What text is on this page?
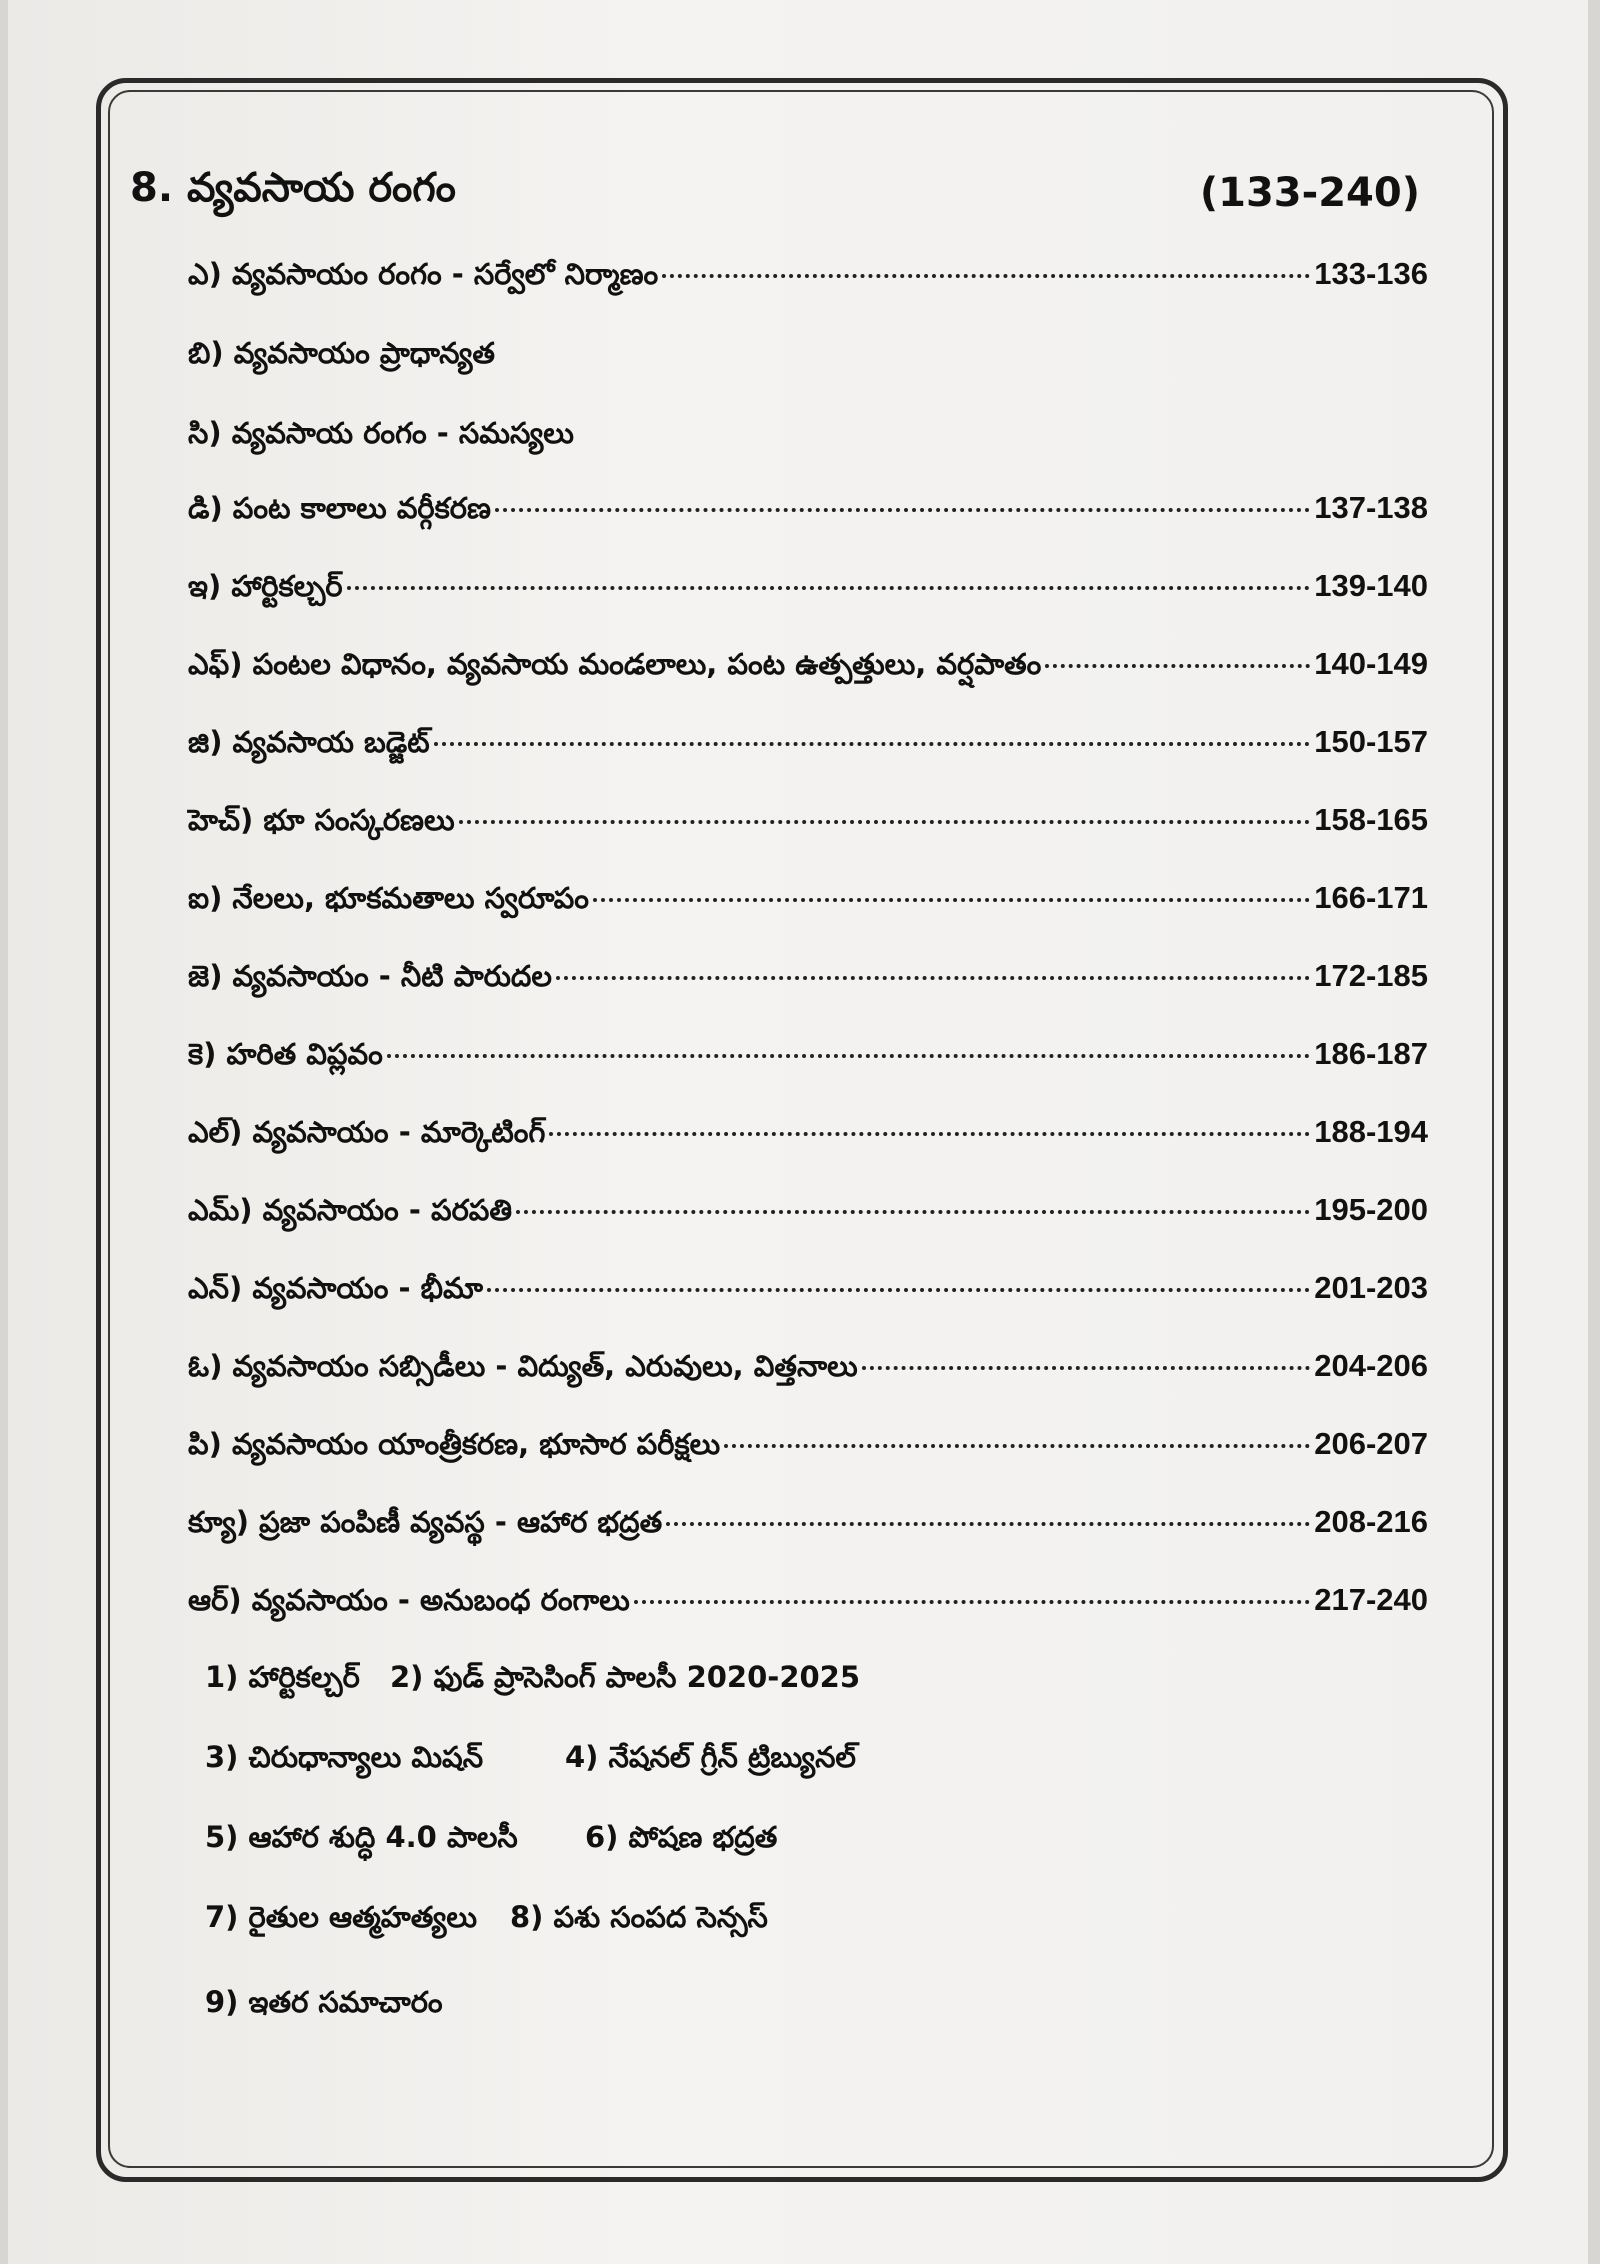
8. వ్యవసాయ రంగం	(133-240)
ఎ) వ్యవసాయం రంగం - సర్వేలో నిర్మాణం	133-136
బి) వ్యవసాయం ప్రాధాన్యత
సి) వ్యవసాయ రంగం - సమస్యలు
డి) పంట కాలాలు వర్గీకరణ	137-138
ఇ) హార్టికల్చర్	139-140
ఎఫ్) పంటల విధానం, వ్యవసాయ మండలాలు, పంట ఉత్పత్తులు, వర్షపాతం	140-149
జి) వ్యవసాయ బడ్జెట్	150-157
హెచ్) భూ సంస్కరణలు	158-165
ఐ) నేలలు, భూకమతాలు స్వరూపం	166-171
జె) వ్యవసాయం - నీటి పారుదల	172-185
కె) హరిత విప్లవం	186-187
ఎల్) వ్యవసాయం - మార్కెటింగ్	188-194
ఎమ్) వ్యవసాయం - పరపతి	195-200
ఎన్) వ్యవసాయం - భీమా	201-203
ఓ) వ్యవసాయం సబ్సిడీలు - విద్యుత్, ఎరువులు, విత్తనాలు	204-206
పి) వ్యవసాయం యాంత్రీకరణ, భూసార పరీక్షలు	206-207
క్యూ) ప్రజా పంపిణీ వ్యవస్థ - ఆహార భద్రత	208-216
ఆర్) వ్యవసాయం - అనుబంధ రంగాలు	217-240
1) హార్టికల్చర్ 2) ఫుడ్ ప్రాసెసింగ్ పాలసీ 2020-2025
3) చిరుధాన్యాలు మిషన్	4) నేషనల్ గ్రీన్ ట్రిబ్యునల్
5) ఆహార శుద్ధి 4.0 పాలసీ 6) పోషణ భద్రత
7) రైతుల ఆత్మహత్యలు 8) పశు సంపద సెన్సస్
9) ఇతర సమాచారం
